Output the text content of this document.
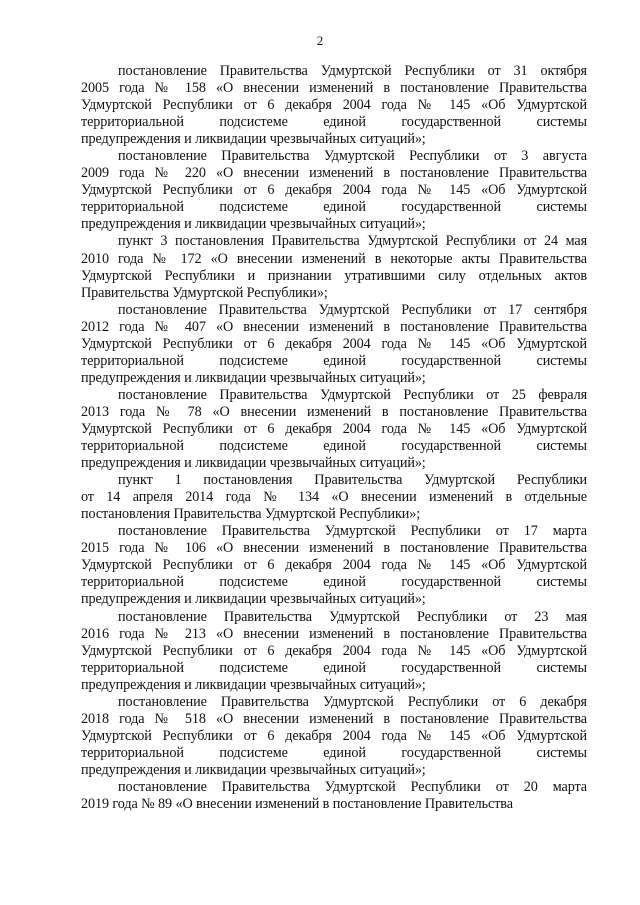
2

постановление Правительства Удмуртской Республики от 31 октября
2005 года № 158 «О внесении изменений в постановление Правительства
Удмуртской Республики от 6 декабря 2004 года № 145 «Об Удмуртской
территориальной подсистеме единой государственной системы
предупреждения и ликвидации чрезвычайных ситуаций»;

постановление Правительства Удмуртской Республики от 3 августа
2009 года № 220 «О внесении изменений в постановление Правительства
Удмуртской Республики от 6 декабря 2004 года № 145 «Об Удмуртской
территориальной подсистеме единой государственной системы
предупреждения и ликвидации чрезвычайных ситуаций»;

пункт 3 постановления Правительства Удмуртской Республики от 24 мая
2010 года № 172 «О внесении изменений в некоторые акты Правительства
Удмуртской Республики и признании утратившими силу отдельных актов
Правительства Удмуртской Республики»;

постановление Правительства Удмуртской Республики от 17 сентября
2012 года № 407 «О внесении изменений в постановление Правительства
Удмуртской Республики от 6 декабря 2004 года № 145 «Об Удмуртской
территориальной подсистеме единой государственной системы
предупреждения и ликвидации чрезвычайных ситуаций»;

постановление Правительства Удмуртской Республики от 25 февраля
2013 года № 78 «О внесении изменений в постановление Правительства
Удмуртской Республики от 6 декабря 2004 года № 145 «Об Удмуртской
территориальной подсистеме единой государственной системы
предупреждения и ликвидации чрезвычайных ситуаций»;

пункт 1 постановления Правительства Удмуртской Республики
от 14 апреля 2014 года № 134 «О внесении изменений в отдельные
постановления Правительства Удмуртской Республики»;

постановление Правительства Удмуртской Республики от 17 марта
2015 года № 106 «О внесении изменений в постановление Правительства
Удмуртской Республики от 6 декабря 2004 года № 145 «Об Удмуртской
территориальной подсистеме единой государственной системы
предупреждения и ликвидации чрезвычайных ситуаций»;

постановление Правительства Удмуртской Республики от 23 мая
2016 года № 213 «О внесении изменений в постановление Правительства
Удмуртской Республики от 6 декабря 2004 года № 145 «Об Удмуртской
территориальной подсистеме единой государственной системы
предупреждения и ликвидации чрезвычайных ситуаций»;

постановление Правительства Удмуртской Республики от 6 декабря
2018 года № 518 «О внесении изменений в постановление Правительства
Удмуртской Республики от 6 декабря 2004 года № 145 «Об Удмуртской
территориальной подсистеме единой государственной системы
предупреждения и ликвидации чрезвычайных ситуаций»;

постановление Правительства Удмуртской Республики от 20 марта
2019 года № 89 «О внесении изменений в постановление Правительства
